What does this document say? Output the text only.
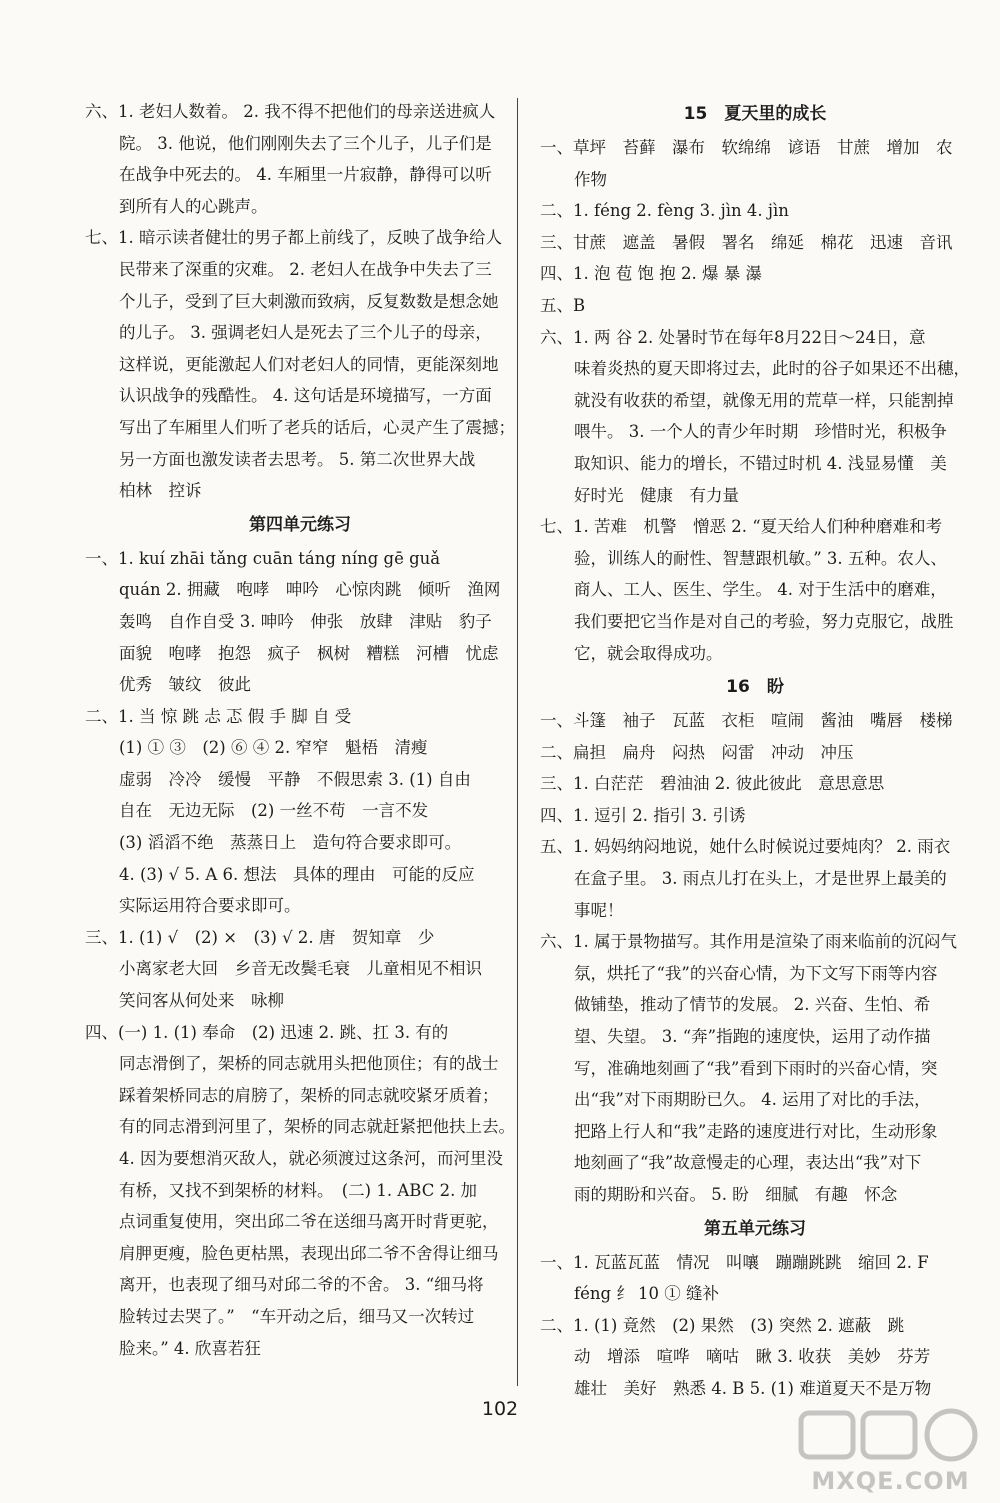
六、1. 老妇人数着。 2. 我不得不把他们的母亲送进疯人
院。 3. 他说，他们刚刚失去了三个儿子，儿子们是
在战争中死去的。 4. 车厢里一片寂静，静得可以听
到所有人的心跳声。
七、1. 暗示读者健壮的男子都上前线了，反映了战争给人
民带来了深重的灾难。 2. 老妇人在战争中失去了三
个儿子，受到了巨大刺激而致病，反复数数是想念她
的儿子。 3. 强调老妇人是死去了三个儿子的母亲，
这样说，更能激起人们对老妇人的同情，更能深刻地
认识战争的残酷性。 4. 这句话是环境描写，一方面
写出了车厢里人们听了老兵的话后，心灵产生了震撼；
另一方面也激发读者去思考。 5. 第二次世界大战
柏林　控诉
第四单元练习
一、1. kuí zhāi tǎng cuān táng níng gē guǎ
quán 2. 拥藏　咆哮　呻吟　心惊肉跳　倾听　渔网
轰鸣　自作自受 3. 呻吟　伸张　放肆　津贴　豹子
面貌　咆哮　抱怨　疯子　枫树　糟糕　河槽　忧虑
优秀　皱纹　彼此
二、1. 当 惊 跳 忐 忑 假 手 脚 自 受
(1) ① ③　(2) ⑥ ④ 2. 窄窄　魁梧　清瘦
虚弱　冷冷　缓慢　平静　不假思索 3. (1) 自由
自在　无边无际　(2) 一丝不苟　一言不发
(3) 滔滔不绝　蒸蒸日上　造句符合要求即可。
4. (3) √ 5. A 6. 想法　具体的理由　可能的反应
实际运用符合要求即可。
三、1. (1) √　(2) ×　(3) √ 2. 唐　贺知章　少
小离家老大回　乡音无改鬓毛衰　儿童相见不相识
笑问客从何处来　咏柳
四、(一) 1. (1) 奉命　(2) 迅速 2. 跳、扛 3. 有的
同志滑倒了，架桥的同志就用头把他顶住；有的战士
踩着架桥同志的肩膀了，架桥的同志就咬紧牙质着；
有的同志滑到河里了，架桥的同志就赶紧把他扶上去。
4. 因为要想消灭敌人，就必须渡过这条河，而河里没
有桥，又找不到架桥的材料。　(二) 1. ABC 2. 加
点词重复使用，突出邱二爷在送细马离开时背更驼，
肩胛更瘦，脸色更枯黑，表现出邱二爷不舍得让细马
离开，也表现了细马对邱二爷的不舍。 3. “细马将
脸转过去哭了。”　“车开动之后，细马又一次转过
脸来。” 4. 欣喜若狂
15　夏天里的成长
一、草坪　苔藓　瀑布　软绵绵　谚语　甘蔗　增加　农
作物
二、1. féng 2. fèng 3. jìn 4. jìn
三、甘蔗　遮盖　暑假　署名　绵延　棉花　迅速　音讯
四、1. 泡 苞 饱 抱 2. 爆 暴 瀑
五、B
六、1. 两 谷 2. 处暑时节在每年8月22日～24日，意
味着炎热的夏天即将过去，此时的谷子如果还不出穗，
就没有收获的希望，就像无用的荒草一样，只能割掉
喂牛。 3. 一个人的青少年时期　珍惜时光，积极争
取知识、能力的增长，不错过时机 4. 浅显易懂　美
好时光　健康　有力量
七、1. 苦难　机警　憎恶 2. “夏天给人们种种磨难和考
验，训练人的耐性、智慧跟机敏。” 3. 五种。农人、
商人、工人、医生、学生。 4. 对于生活中的磨难，
我们要把它当作是对自己的考验，努力克服它，战胜
它，就会取得成功。
16　盼
一、斗篷　袖子　瓦蓝　衣柜　喧闹　酱油　嘴唇　楼梯
二、扁担　扁舟　闷热　闷雷　冲动　冲压
三、1. 白茫茫　碧油油 2. 彼此彼此　意思意思
四、1. 逗引 2. 指引 3. 引诱
五、1. 妈妈纳闷地说，她什么时候说过要炖肉？ 2. 雨衣
在盒子里。 3. 雨点儿打在头上，才是世界上最美的
事呢！
六、1. 属于景物描写。其作用是渲染了雨来临前的沉闷气
氛，烘托了“我”的兴奋心情，为下文写下雨等内容
做铺垫，推动了情节的发展。 2. 兴奋、生怕、希
望、失望。 3. “奔”指跑的速度快，运用了动作描
写，准确地刻画了“我”看到下雨时的兴奋心情，突
出“我”对下雨期盼已久。 4. 运用了对比的手法，
把路上行人和“我”走路的速度进行对比，生动形象
地刻画了“我”故意慢走的心理，表达出“我”对下
雨的期盼和兴奋。 5. 盼　细腻　有趣　怀念
第五单元练习
一、1. 瓦蓝瓦蓝　情况　叫嚷　蹦蹦跳跳　缩回 2. F
féng 纟 10 ① 缝补
二、1. (1) 竟然　(2) 果然　(3) 突然 2. 遮蔽　跳
动　增添　喧哗　嘀咕　瞅 3. 收获　美妙　芬芳
雄壮　美好　熟悉 4. B 5. (1) 难道夏天不是万物
102
MXQE.COM
